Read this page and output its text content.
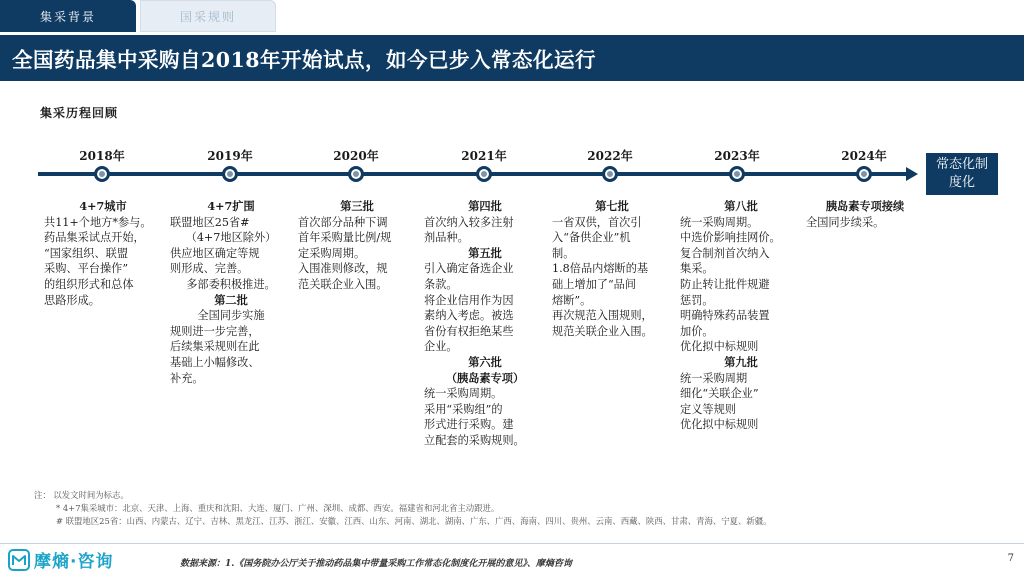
集采背景	国采规则
全国药品集中采购自2018年开始试点，如今已步入常态化运行
集采历程回顾
常态化制度化
2018年	2019年	2020年	2021年	2022年	2023年	2024年
4+7城市
共11+个地方*参与。
药品集采试点开始，
“国家组织、联盟
采购、平台操作”
的组织形式和总体
思路形成。
4+7扩围
联盟地区25省#
（4+7地区除外）
供应地区确定等规
则形成、完善。
多部委积极推进。
第二批
全国同步实施
规则进一步完善，
后续集采规则在此
基础上小幅修改、
补充。
第三批
首次部分品种下调
首年采购量比例/规
定采购周期。
入围准则修改，规
范关联企业入围。
第四批
首次纳入较多注射
剂品种。
第五批
引入确定备选企业
条款。
将企业信用作为因
素纳入考虑。被选
省份有权拒绝某些
企业。
第六批
（胰岛素专项）
统一采购周期。
采用“采购组”的
形式进行采购。建
立配套的采购规则。
第七批
一省双供，首次引
入“备供企业”机
制。
1.8倍品内熔断的基
础上增加了“品间
熔断”。
再次规范入围规则，
规范关联企业入围。
第八批
统一采购周期。
中选价影响挂网价。
复合制剂首次纳入
集采。
防止转让批件规避
惩罚。
明确特殊药品装置
加价。
优化拟中标规则
第九批
统一采购周期
细化“关联企业”
定义等规则
优化拟中标规则
胰岛素专项接续
全国同步续采。
注： 以发文时间为标志。
* 4+7集采城市：北京、天津、上海、重庆和沈阳、大连、厦门、广州、深圳、成都、西安。福建省和河北省主动跟进。
# 联盟地区25省：山西、内蒙古、辽宁、吉林、黑龙江、江苏、浙江、安徽、江西、山东、河南、湖北、湖南、广东、广西、海南、四川、贵州、云南、西藏、陕西、甘肃、青海、宁夏、新疆。
摩熵·咨询	数据来源：1.《国务院办公厅关于推动药品集中带量采购工作常态化制度化开展的意见》、摩熵咨询	7
